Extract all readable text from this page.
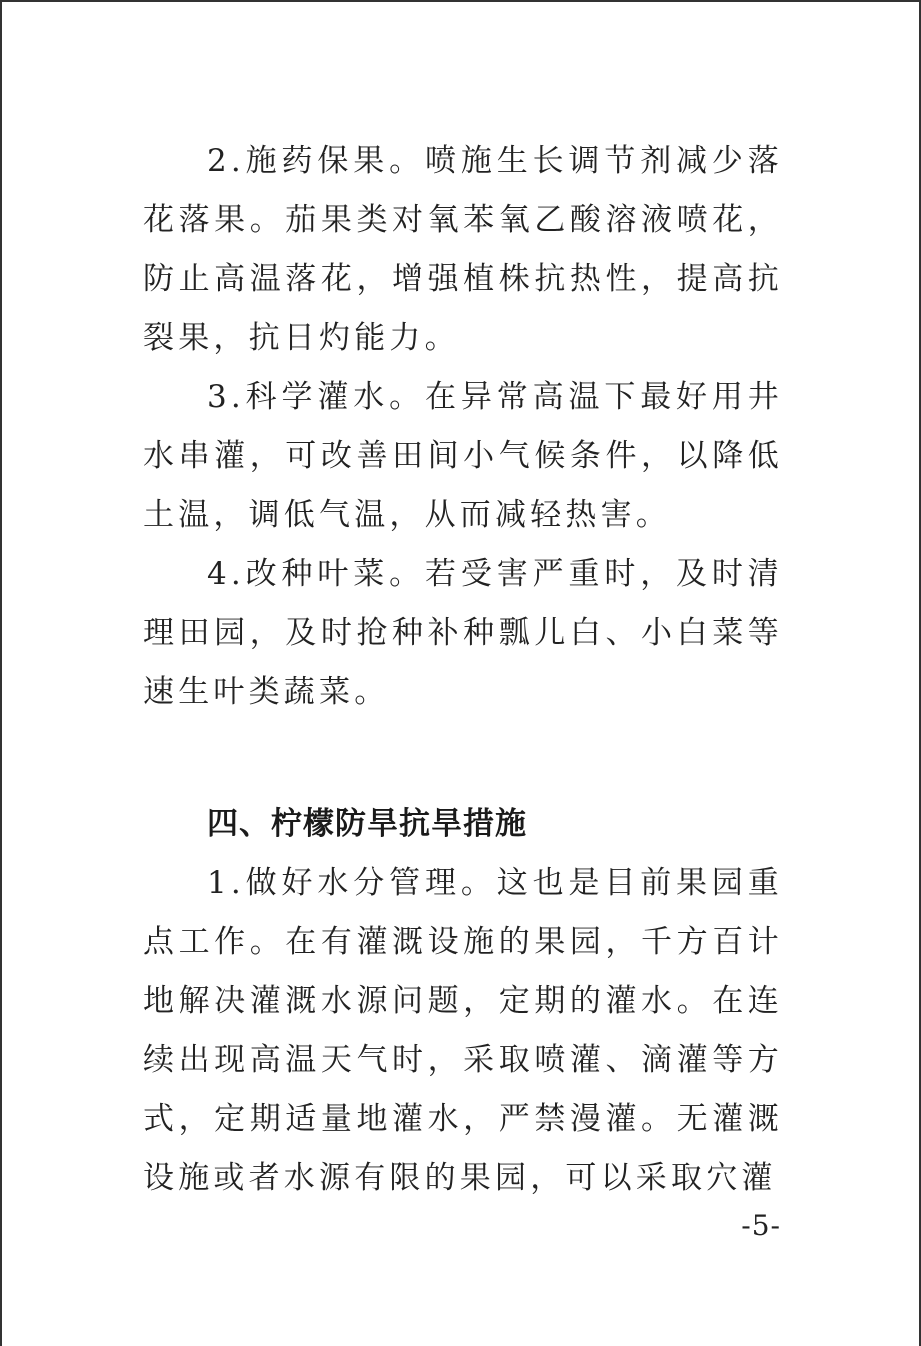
2.施药保果。喷施生长调节剂减少落花落果。茄果类对氧苯氧乙酸溶液喷花，防止高温落花，增强植株抗热性，提高抗裂果，抗日灼能力。

3.科学灌水。在异常高温下最好用井水串灌，可改善田间小气候条件，以降低土温，调低气温，从而减轻热害。

4.改种叶菜。若受害严重时，及时清理田园，及时抢种补种瓢儿白、小白菜等速生叶类蔬菜。

四、柠檬防旱抗旱措施

1.做好水分管理。这也是目前果园重点工作。在有灌溉设施的果园，千方百计地解决灌溉水源问题，定期的灌水。在连续出现高温天气时，采取喷灌、滴灌等方式，定期适量地灌水，严禁漫灌。无灌溉设施或者水源有限的果园，可以采取穴灌

-5-
